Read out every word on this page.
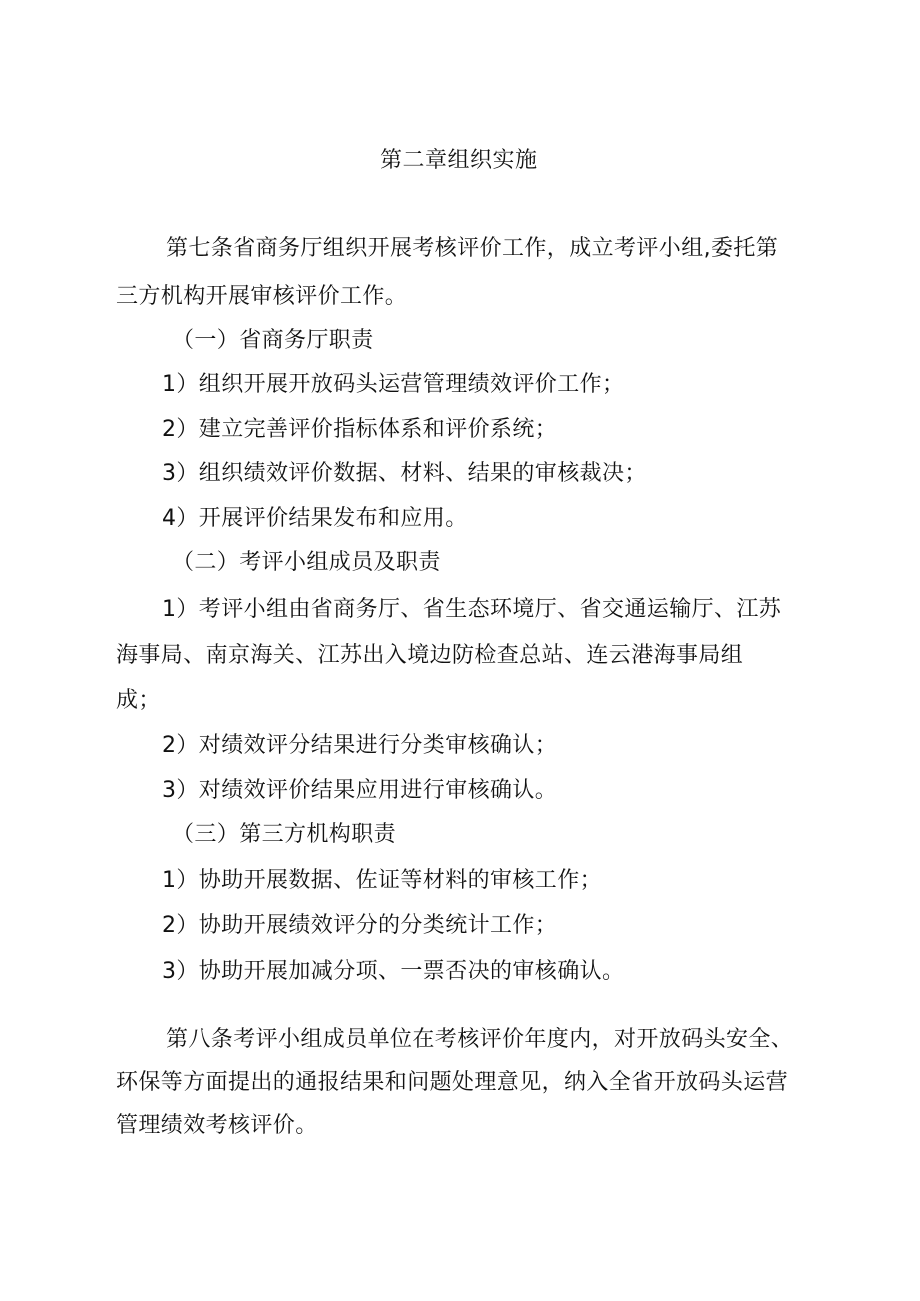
第二章组织实施
第七条省商务厅组织开展考核评价工作，成立考评小组,委托第
三方机构开展审核评价工作。
（一）省商务厅职责
1）组织开展开放码头运营管理绩效评价工作；
2）建立完善评价指标体系和评价系统；
3）组织绩效评价数据、材料、结果的审核裁决；
4）开展评价结果发布和应用。
（二）考评小组成员及职责
1）考评小组由省商务厅、省生态环境厅、省交通运输厅、江苏
海事局、南京海关、江苏出入境边防检查总站、连云港海事局组
成；
2）对绩效评分结果进行分类审核确认；
3）对绩效评价结果应用进行审核确认。
（三）第三方机构职责
1）协助开展数据、佐证等材料的审核工作；
2）协助开展绩效评分的分类统计工作；
3）协助开展加减分项、一票否决的审核确认。
第八条考评小组成员单位在考核评价年度内，对开放码头安全、
环保等方面提出的通报结果和问题处理意见，纳入全省开放码头运营
管理绩效考核评价。
